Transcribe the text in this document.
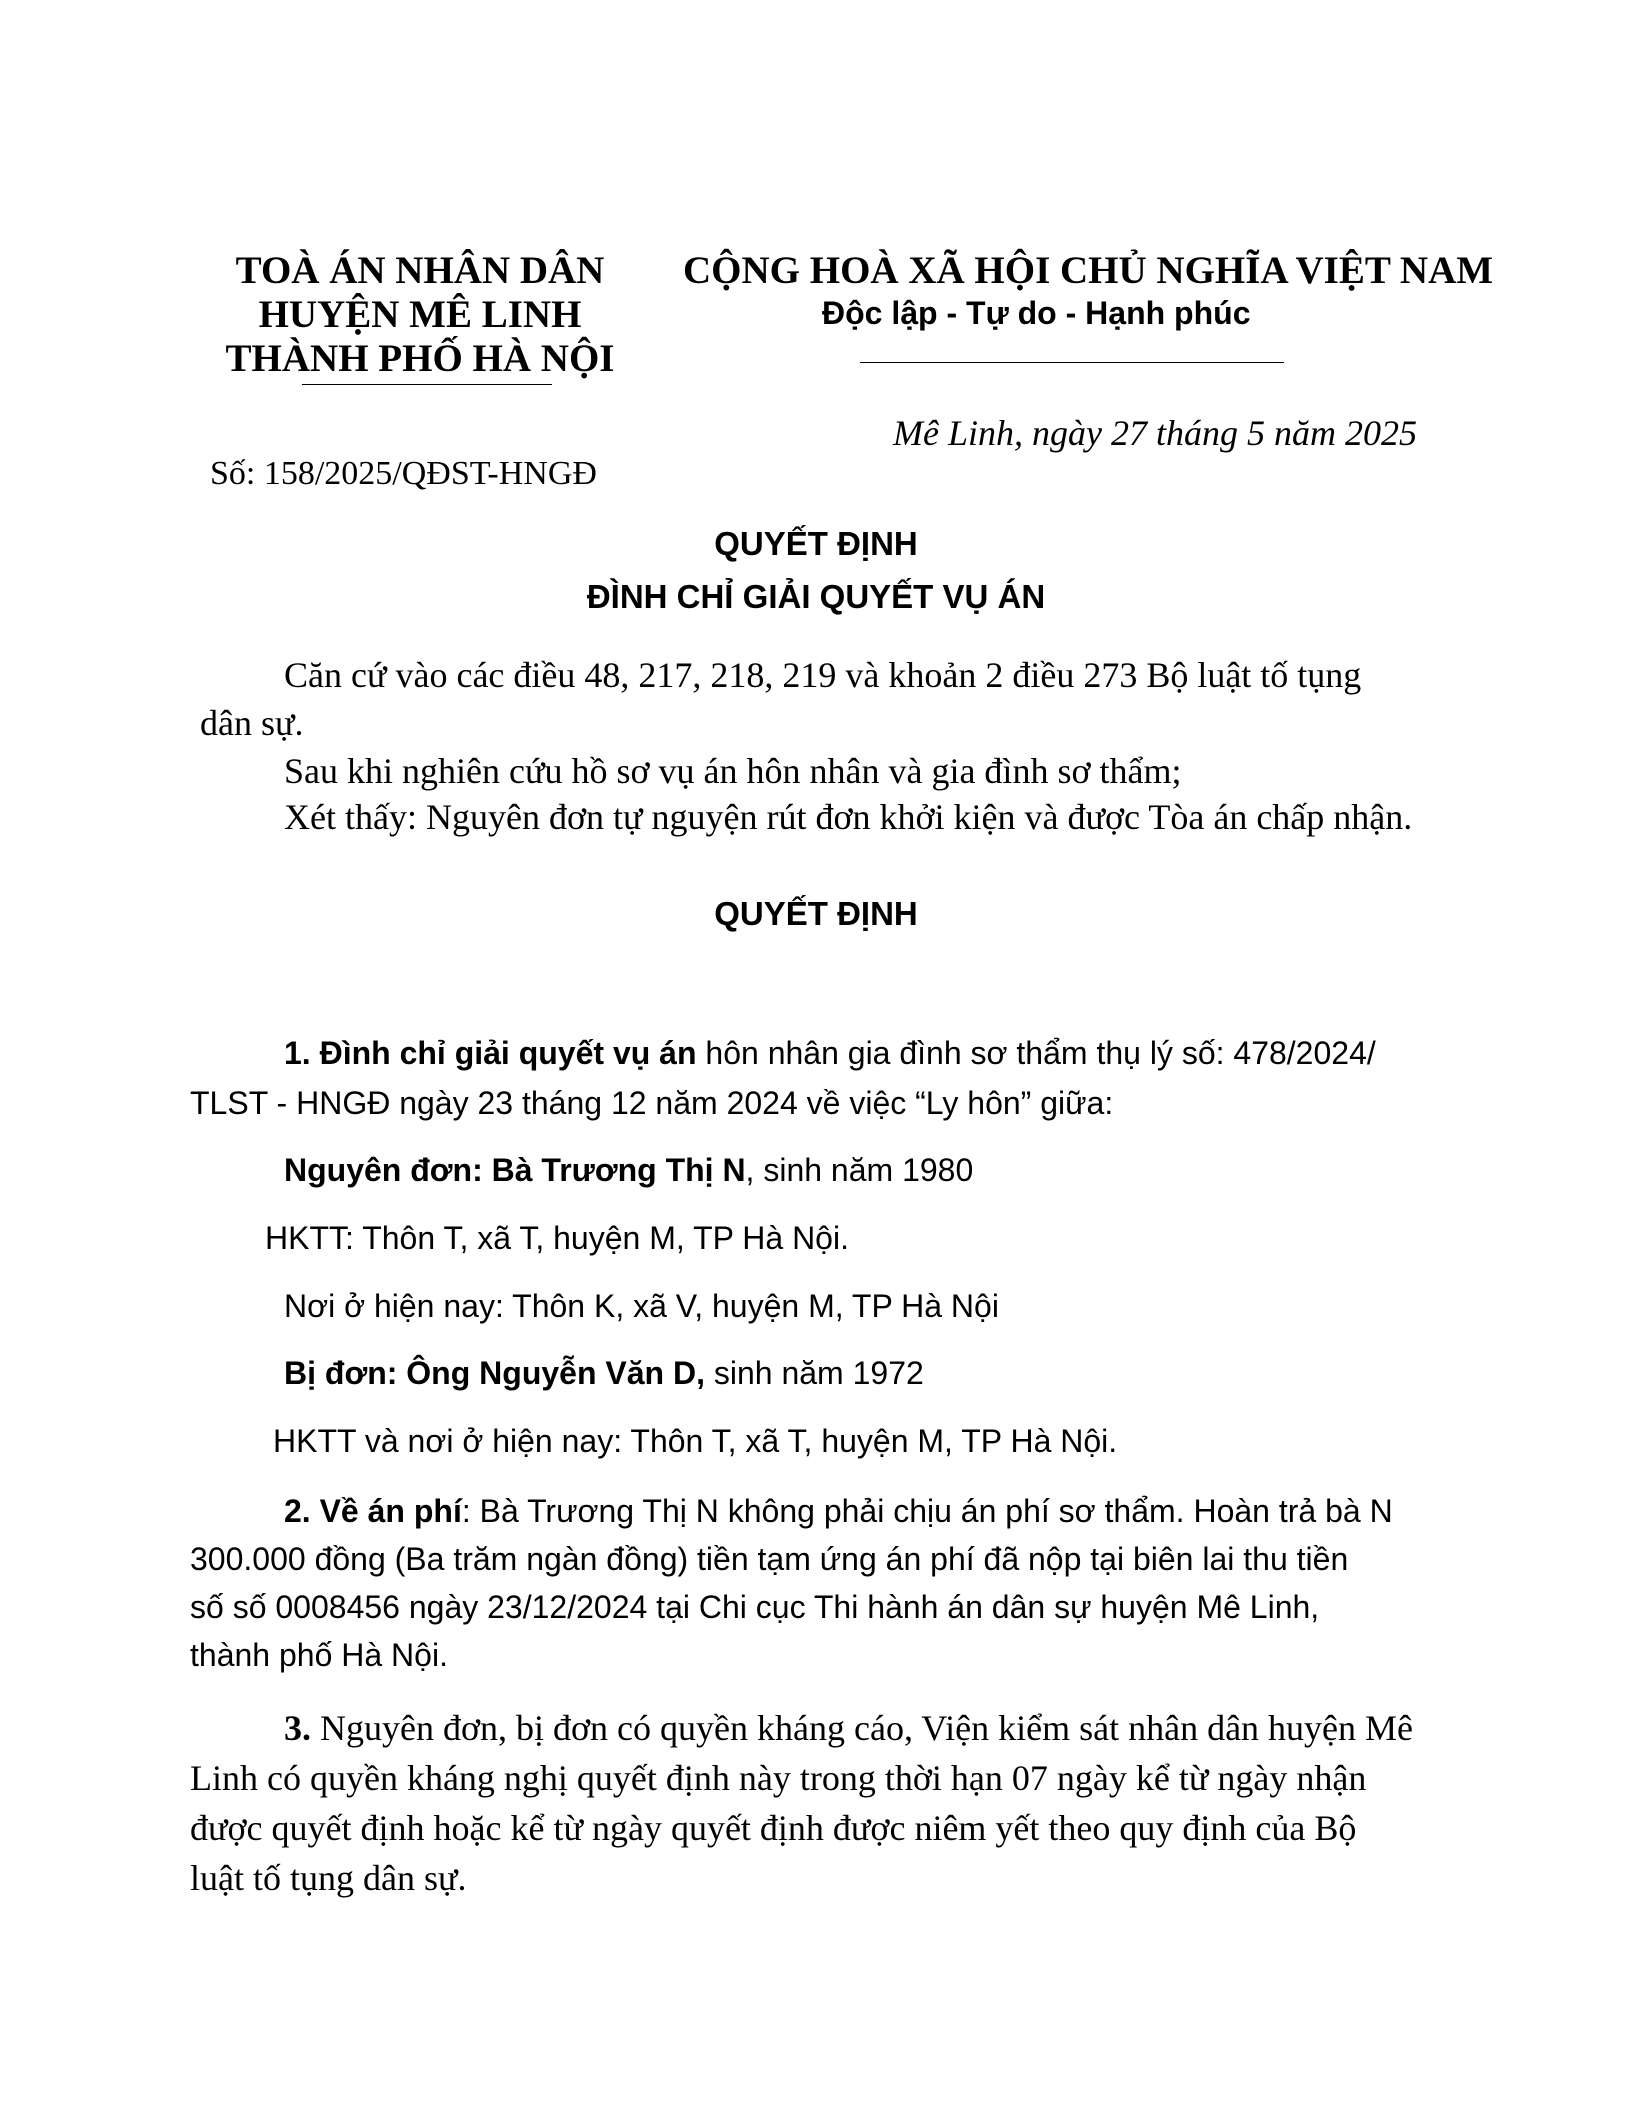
TOÀ ÁN NHÂN DÂN
HUYỆN MÊ LINH
THÀNH PHỐ HÀ NỘI
CỘNG HOÀ XÃ HỘI CHỦ NGHĨA VIỆT NAM
Độc lập - Tự do - Hạnh phúc
Mê Linh, ngày 27 tháng 5 năm 2025
Số: 158/2025/QĐST-HNGĐ
QUYẾT ĐỊNH
ĐÌNH CHỈ GIẢI QUYẾT VỤ ÁN
Căn cứ vào các điều 48, 217, 218, 219 và khoản 2 điều 273 Bộ luật tố tụng
dân sự.
Sau khi nghiên cứu hồ sơ vụ án hôn nhân và gia đình sơ thẩm;
Xét thấy: Nguyên đơn tự nguyện rút đơn khởi kiện và được Tòa án chấp nhận.
QUYẾT ĐỊNH
1. Đình chỉ giải quyết vụ án hôn nhân gia đình sơ thẩm thụ lý số: 478/2024/
TLST - HNGĐ ngày 23 tháng 12 năm 2024 về việc “Ly hôn” giữa:
Nguyên đơn: Bà Trương Thị N, sinh năm 1980
HKTT: Thôn T, xã T, huyện M, TP Hà Nội.
Nơi ở hiện nay: Thôn K, xã V, huyện M, TP Hà Nội
Bị đơn: Ông Nguyễn Văn D, sinh năm 1972
HKTT và nơi ở hiện nay: Thôn T, xã T, huyện M, TP Hà Nội.
2. Về án phí: Bà Trương Thị N không phải chịu án phí sơ thẩm. Hoàn trả bà N
300.000 đồng (Ba trăm ngàn đồng) tiền tạm ứng án phí đã nộp tại biên lai thu tiền
số số 0008456 ngày 23/12/2024 tại Chi cục Thi hành án dân sự huyện Mê Linh,
thành phố Hà Nội.
3. Nguyên đơn, bị đơn có quyền kháng cáo, Viện kiểm sát nhân dân huyện Mê
Linh có quyền kháng nghị quyết định này trong thời hạn 07 ngày kể từ ngày nhận
được quyết định hoặc kể từ ngày quyết định được niêm yết theo quy định của Bộ
luật tố tụng dân sự.
